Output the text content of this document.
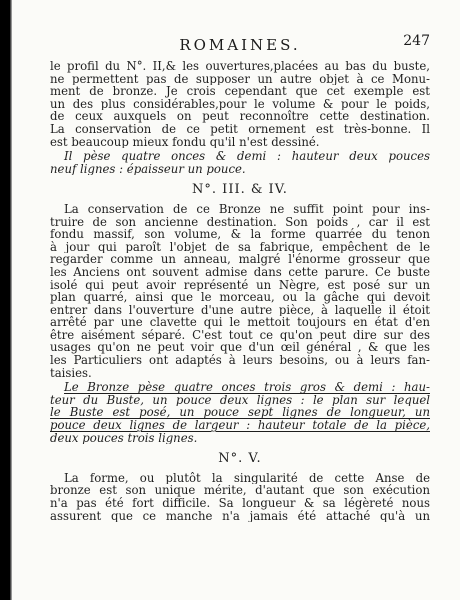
ROMAINES.	247
le profil du N°. II,& les ouvertures,placées au bas du buste,
ne permettent pas de supposer un autre objet à ce Monu-
ment de bronze. Je crois cependant que cet exemple est
un des plus considérables,pour le volume & pour le poids,
de ceux auxquels on peut reconnoître cette destination.
La conservation de ce petit ornement est très-bonne. Il
est beaucoup mieux fondu qu'il n'est dessiné.
Il pèse quatre onces & demi : hauteur deux pouces
neuf lignes : épaisseur un pouce.
N°. III. & IV.
La conservation de ce Bronze ne suffit point pour ins-
truire de son ancienne destination. Son poids , car il est
fondu massif, son volume, & la forme quarrée du tenon
à jour qui paroît l'objet de sa fabrique, empêchent de le
regarder comme un anneau, malgré l'énorme grosseur que
les Anciens ont souvent admise dans cette parure. Ce buste
isolé qui peut avoir représenté un Nègre, est posé sur un
plan quarré, ainsi que le morceau, ou la gâche qui devoit
entrer dans l'ouverture d'une autre pièce, à laquelle il étoit
arrêté par une clavette qui le mettoit toujours en état d'en
être aisément séparé. C'est tout ce qu'on peut dire sur des
usages qu'on ne peut voir que d'un œil général , & que les
les Particuliers ont adaptés à leurs besoins, ou à leurs fan-
taisies.
Le Bronze pèse quatre onces trois gros & demi : hau-
teur du Buste, un pouce deux lignes : le plan sur lequel
le Buste est posé, un pouce sept lignes de longueur, un
pouce deux lignes de largeur : hauteur totale de la pièce,
deux pouces trois lignes.
N°. V.
La forme, ou plutôt la singularité de cette Anse de
bronze est son unique mérite, d'autant que son exécution
n'a pas été fort difficile. Sa longueur & sa légèreté nous
assurent que ce manche n'a jamais été attaché qu'à un
